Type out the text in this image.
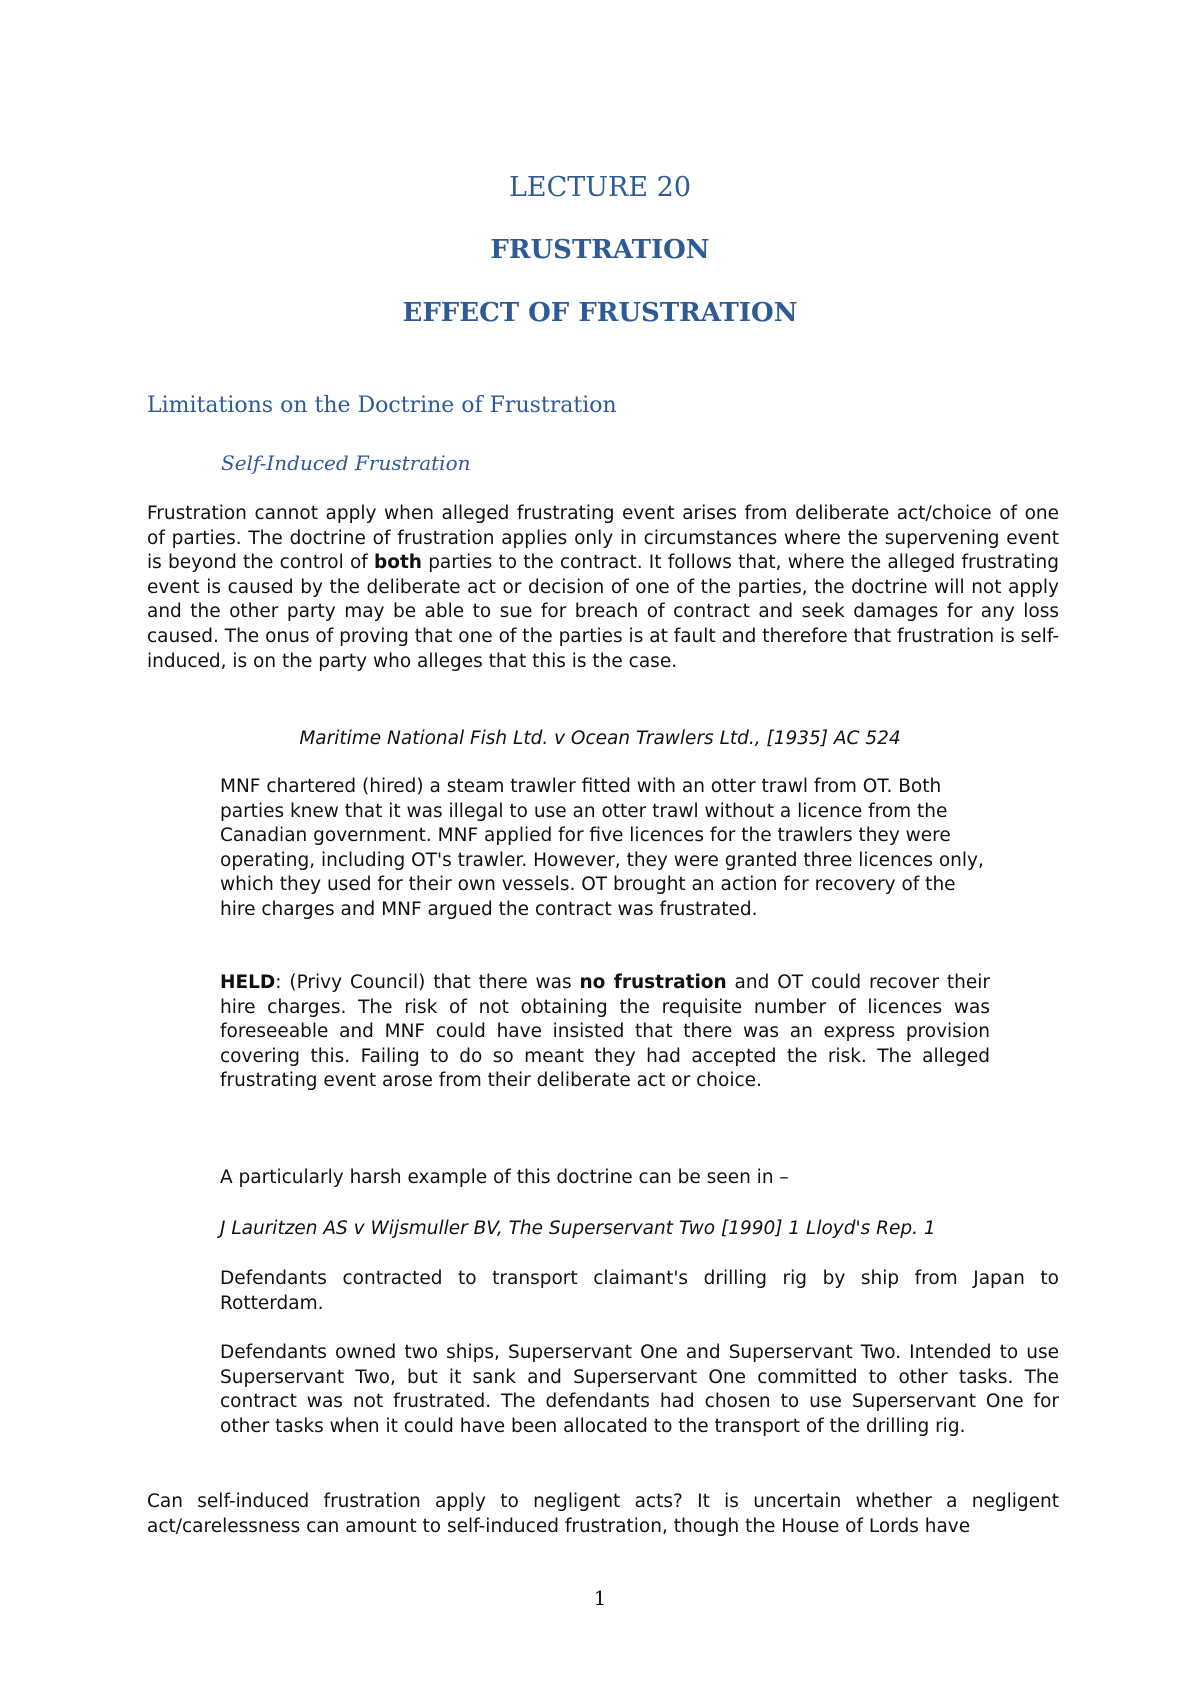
LECTURE 20
FRUSTRATION
EFFECT OF FRUSTRATION
Limitations on the Doctrine of Frustration
Self-Induced Frustration

Frustration cannot apply when alleged frustrating event arises from deliberate act/choice of one of parties. The doctrine of frustration applies only in circumstances where the supervening event is beyond the control of both parties to the contract. It follows that, where the alleged frustrating event is caused by the deliberate act or decision of one of the parties, the doctrine will not apply and the other party may be able to sue for breach of contract and seek damages for any loss caused. The onus of proving that one of the parties is at fault and therefore that frustration is self-induced, is on the party who alleges that this is the case.

Maritime National Fish Ltd. v Ocean Trawlers Ltd., [1935] AC 524

MNF chartered (hired) a steam trawler fitted with an otter trawl from OT. Both parties knew that it was illegal to use an otter trawl without a licence from the Canadian government. MNF applied for five licences for the trawlers they were operating, including OT's trawler. However, they were granted three licences only, which they used for their own vessels. OT brought an action for recovery of the hire charges and MNF argued the contract was frustrated.

HELD: (Privy Council) that there was no frustration and OT could recover their hire charges. The risk of not obtaining the requisite number of licences was foreseeable and MNF could have insisted that there was an express provision covering this. Failing to do so meant they had accepted the risk. The alleged frustrating event arose from their deliberate act or choice.

A particularly harsh example of this doctrine can be seen in –

J Lauritzen AS v Wijsmuller BV, The Superservant Two [1990] 1 Lloyd's Rep. 1

Defendants contracted to transport claimant's drilling rig by ship from Japan to Rotterdam.

Defendants owned two ships, Superservant One and Superservant Two. Intended to use Superservant Two, but it sank and Superservant One committed to other tasks. The contract was not frustrated. The defendants had chosen to use Superservant One for other tasks when it could have been allocated to the transport of the drilling rig.

Can self-induced frustration apply to negligent acts? It is uncertain whether a negligent act/carelessness can amount to self-induced frustration, though the House of Lords have

1
